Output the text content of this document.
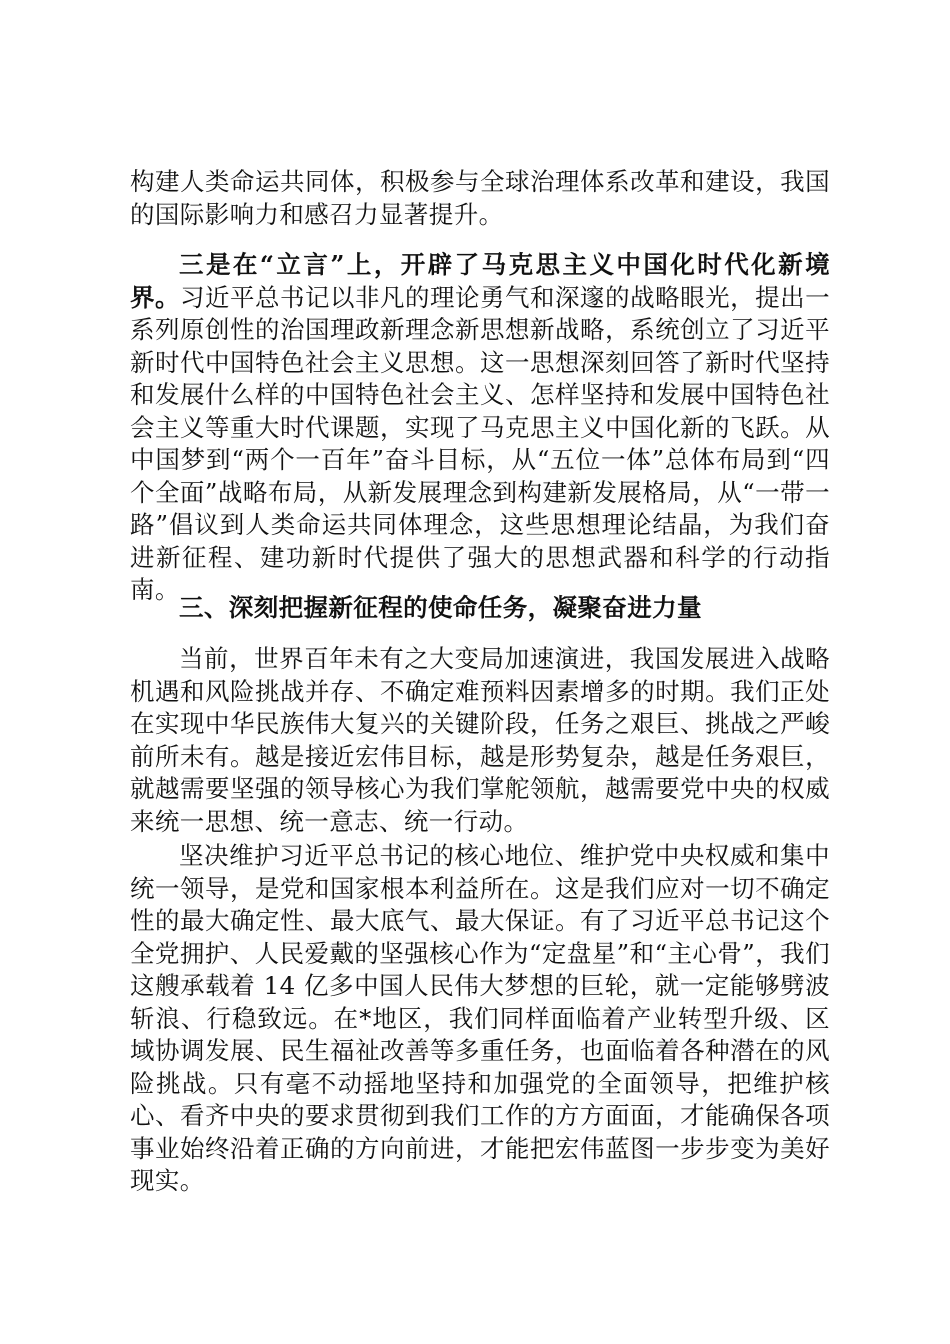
构建人类命运共同体，积极参与全球治理体系改革和建设，我国的国际影响力和感召力显著提升。

三是在“立言”上，开辟了马克思主义中国化时代化新境界。习近平总书记以非凡的理论勇气和深邃的战略眼光，提出一系列原创性的治国理政新理念新思想新战略，系统创立了习近平新时代中国特色社会主义思想。这一思想深刻回答了新时代坚持和发展什么样的中国特色社会主义、怎样坚持和发展中国特色社会主义等重大时代课题，实现了马克思主义中国化新的飞跃。从中国梦到“两个一百年”奋斗目标，从“五位一体”总体布局到“四个全面”战略布局，从新发展理念到构建新发展格局，从“一带一路”倡议到人类命运共同体理念，这些思想理论结晶，为我们奋进新征程、建功新时代提供了强大的思想武器和科学的行动指南。

三、深刻把握新征程的使命任务，凝聚奋进力量

当前，世界百年未有之大变局加速演进，我国发展进入战略机遇和风险挑战并存、不确定难预料因素增多的时期。我们正处在实现中华民族伟大复兴的关键阶段，任务之艰巨、挑战之严峻前所未有。越是接近宏伟目标，越是形势复杂，越是任务艰巨，就越需要坚强的领导核心为我们掌舵领航，越需要党中央的权威来统一思想、统一意志、统一行动。

坚决维护习近平总书记的核心地位、维护党中央权威和集中统一领导，是党和国家根本利益所在。这是我们应对一切不确定性的最大确定性、最大底气、最大保证。有了习近平总书记这个全党拥护、人民爱戴的坚强核心作为“定盘星”和“主心骨”，我们这艘承载着 14 亿多中国人民伟大梦想的巨轮，就一定能够劈波斩浪、行稳致远。在*地区，我们同样面临着产业转型升级、区域协调发展、民生福祉改善等多重任务，也面临着各种潜在的风险挑战。只有毫不动摇地坚持和加强党的全面领导，把维护核心、看齐中央的要求贯彻到我们工作的方方面面，才能确保各项事业始终沿着正确的方向前进，才能把宏伟蓝图一步步变为美好现实。
